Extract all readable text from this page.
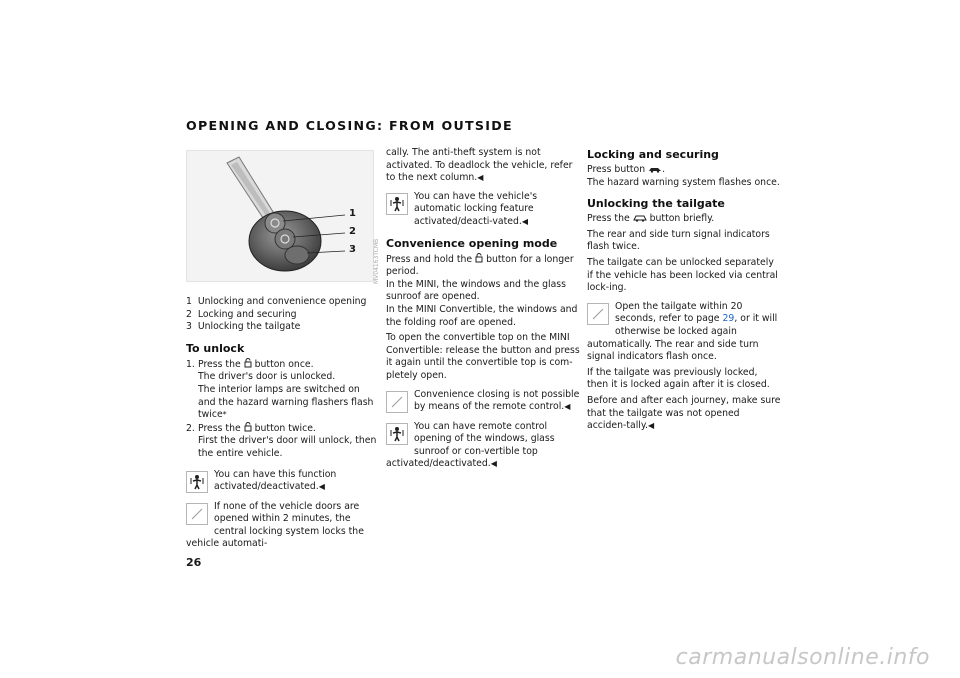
OPENING AND CLOSING: FROM OUTSIDE
1
2
3	MV04163TCMB
1 Unlocking and convenience opening
2 Locking and securing
3 Unlocking the tailgate
To unlock
1. Press the button once.
The driver's door is unlocked.
The interior lamps are switched on and the hazard warning flashers flash twice*
2. Press the button twice.
First the driver's door will unlock, then the entire vehicle.
You can have this function activated/deactivated.◀
If none of the vehicle doors are opened within 2 minutes, the central locking system locks the vehicle automati-

cally. The anti-theft system is not activated. To deadlock the vehicle, refer to the next column.◀

You can have the vehicle's automatic locking feature activated/deacti-vated.◀
Convenience opening mode

Press and hold the button for a longer period.
In the MINI, the windows and the glass sunroof are opened.
In the MINI Convertible, the windows and the folding roof are opened.

To open the convertible top on the MINI Convertible: release the button and press it again until the convertible top is com-pletely open.

Convenience closing is not possible by means of the remote control.◀
You can have remote control opening of the windows, glass sunroof or con-vertible top activated/deactivated.◀
Locking and securing

Press button .
The hazard warning system flashes once.

Unlocking the tailgate

Press the button briefly.

The rear and side turn signal indicators flash twice.

The tailgate can be unlocked separately if the vehicle has been locked via central lock-ing.

Open the tailgate within 20 seconds, refer to page 29, or it will otherwise be locked again automatically. The rear and side turn signal indicators flash once.

If the tailgate was previously locked, then it is locked again after it is closed.

Before and after each journey, make sure that the tailgate was not opened acciden-tally.◀

26
carmanualsonline.info
